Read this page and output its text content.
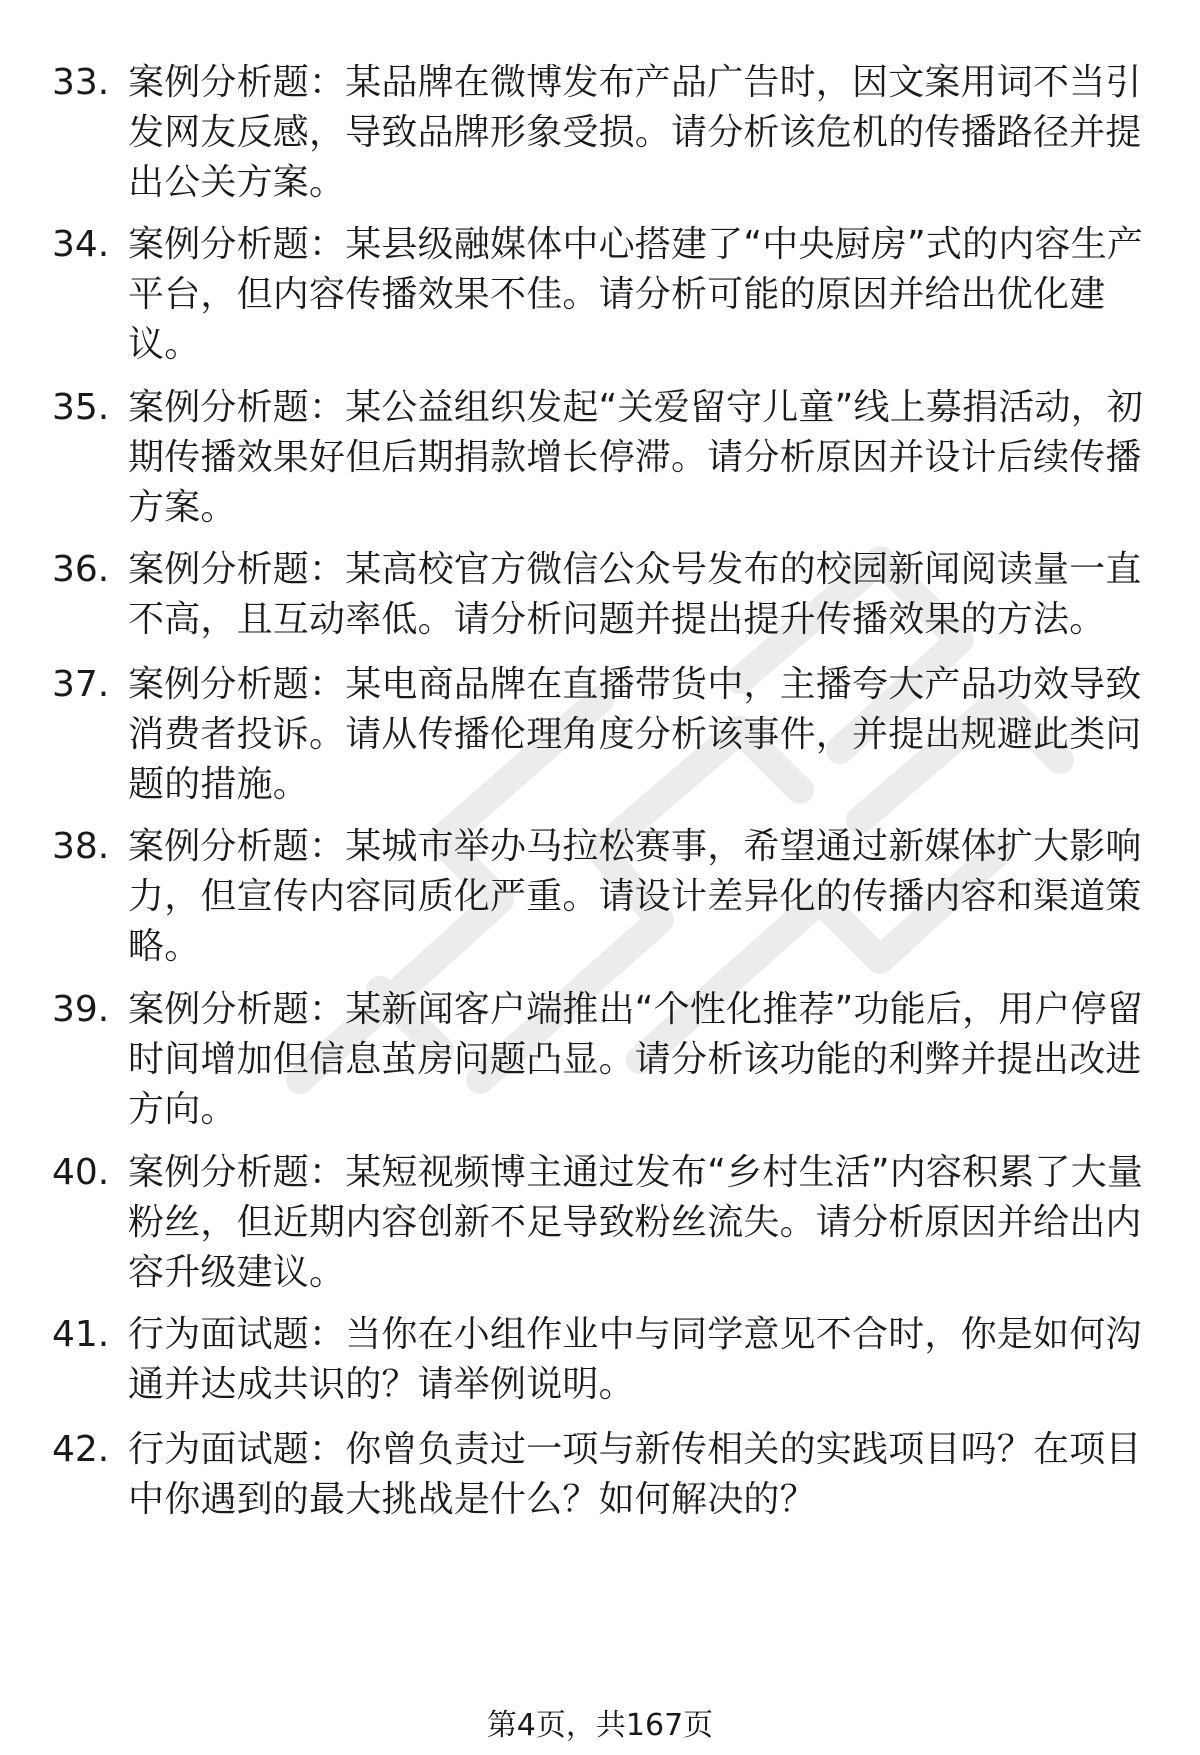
33. 案例分析题：某品牌在微博发布产品广告时，因文案用词不当引发网友反感，导致品牌形象受损。请分析该危机的传播路径并提出公关方案。
34. 案例分析题：某县级融媒体中心搭建了“中央厨房”式的内容生产平台，但内容传播效果不佳。请分析可能的原因并给出优化建议。
35. 案例分析题：某公益组织发起“关爱留守儿童”线上募捐活动，初期传播效果好但后期捐款增长停滞。请分析原因并设计后续传播方案。
36. 案例分析题：某高校官方微信公众号发布的校园新闻阅读量一直不高，且互动率低。请分析问题并提出提升传播效果的方法。
37. 案例分析题：某电商品牌在直播带货中，主播夸大产品功效导致消费者投诉。请从传播伦理角度分析该事件，并提出规避此类问题的措施。
38. 案例分析题：某城市举办马拉松赛事，希望通过新媒体扩大影响力，但宣传内容同质化严重。请设计差异化的传播内容和渠道策略。
39. 案例分析题：某新闻客户端推出“个性化推荐”功能后，用户停留时间增加但信息茧房问题凸显。请分析该功能的利弊并提出改进方向。
40. 案例分析题：某短视频博主通过发布“乡村生活”内容积累了大量粉丝，但近期内容创新不足导致粉丝流失。请分析原因并给出内容升级建议。
41. 行为面试题：当你在小组作业中与同学意见不合时，你是如何沟通并达成共识的？请举例说明。
42. 行为面试题：你曾负责过一项与新传相关的实践项目吗？在项目中你遇到的最大挑战是什么？如何解决的？
第4页，共167页
